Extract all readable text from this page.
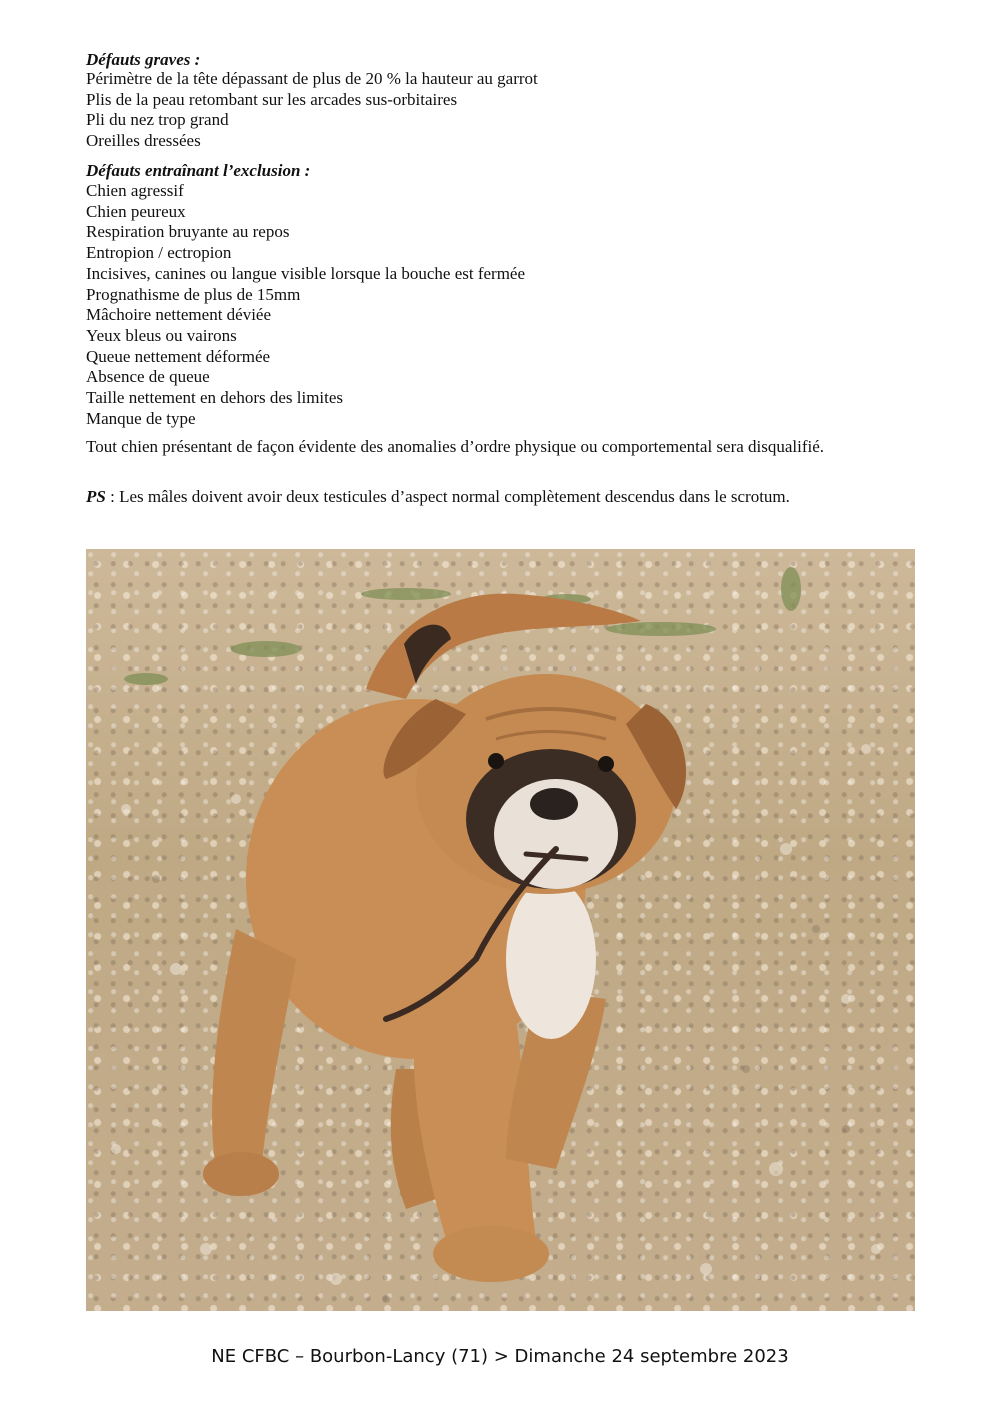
Défauts graves :
Périmètre de la tête dépassant de plus de 20 % la hauteur au garrot
Plis de la peau retombant sur les arcades sus-orbitaires
Pli du nez trop grand
Oreilles dressées
Défauts entraînant l’exclusion :
Chien agressif
Chien peureux
Respiration bruyante au repos
Entropion / ectropion
Incisives, canines ou langue visible lorsque la bouche est fermée
Prognathisme de plus de 15mm
Mâchoire nettement déviée
Yeux bleus ou vairons
Queue nettement déformée
Absence de queue
Taille nettement en dehors des limites
Manque de type

Tout chien présentant de façon évidente des anomalies d’ordre physique ou comportemental sera disqualifié.

PS : Les mâles doivent avoir deux testicules d’aspect normal complètement descendus dans le scrotum.

NE CFBC – Bourbon-Lancy (71) > Dimanche 24 septembre 2023
